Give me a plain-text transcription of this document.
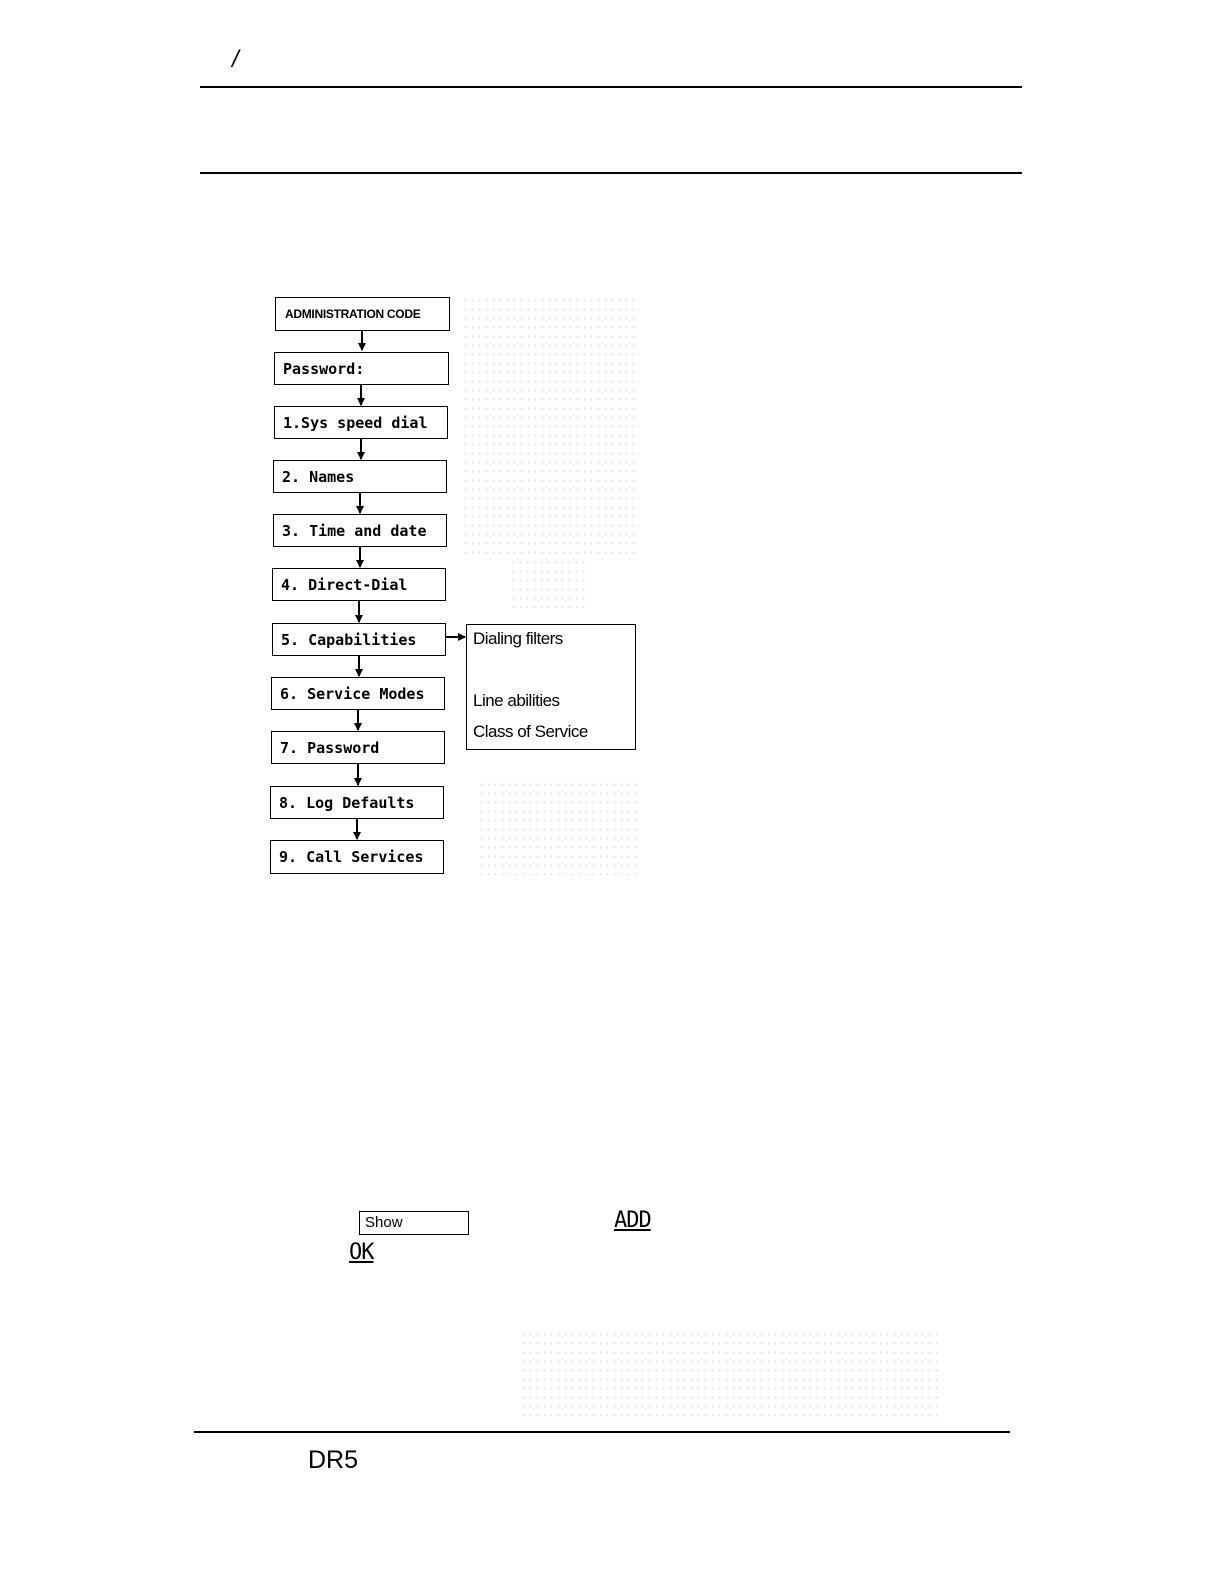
/
ADMINISTRATION CODE
Password:
1.Sys speed dial
2. Names
3. Time and date
4. Direct-Dial
5. Capabilities
6. Service Modes
7. Password
8. Log Defaults
9. Call Services
Dialing filters
Line abilities
Class of Service
Show	ADD
OK
DR5
